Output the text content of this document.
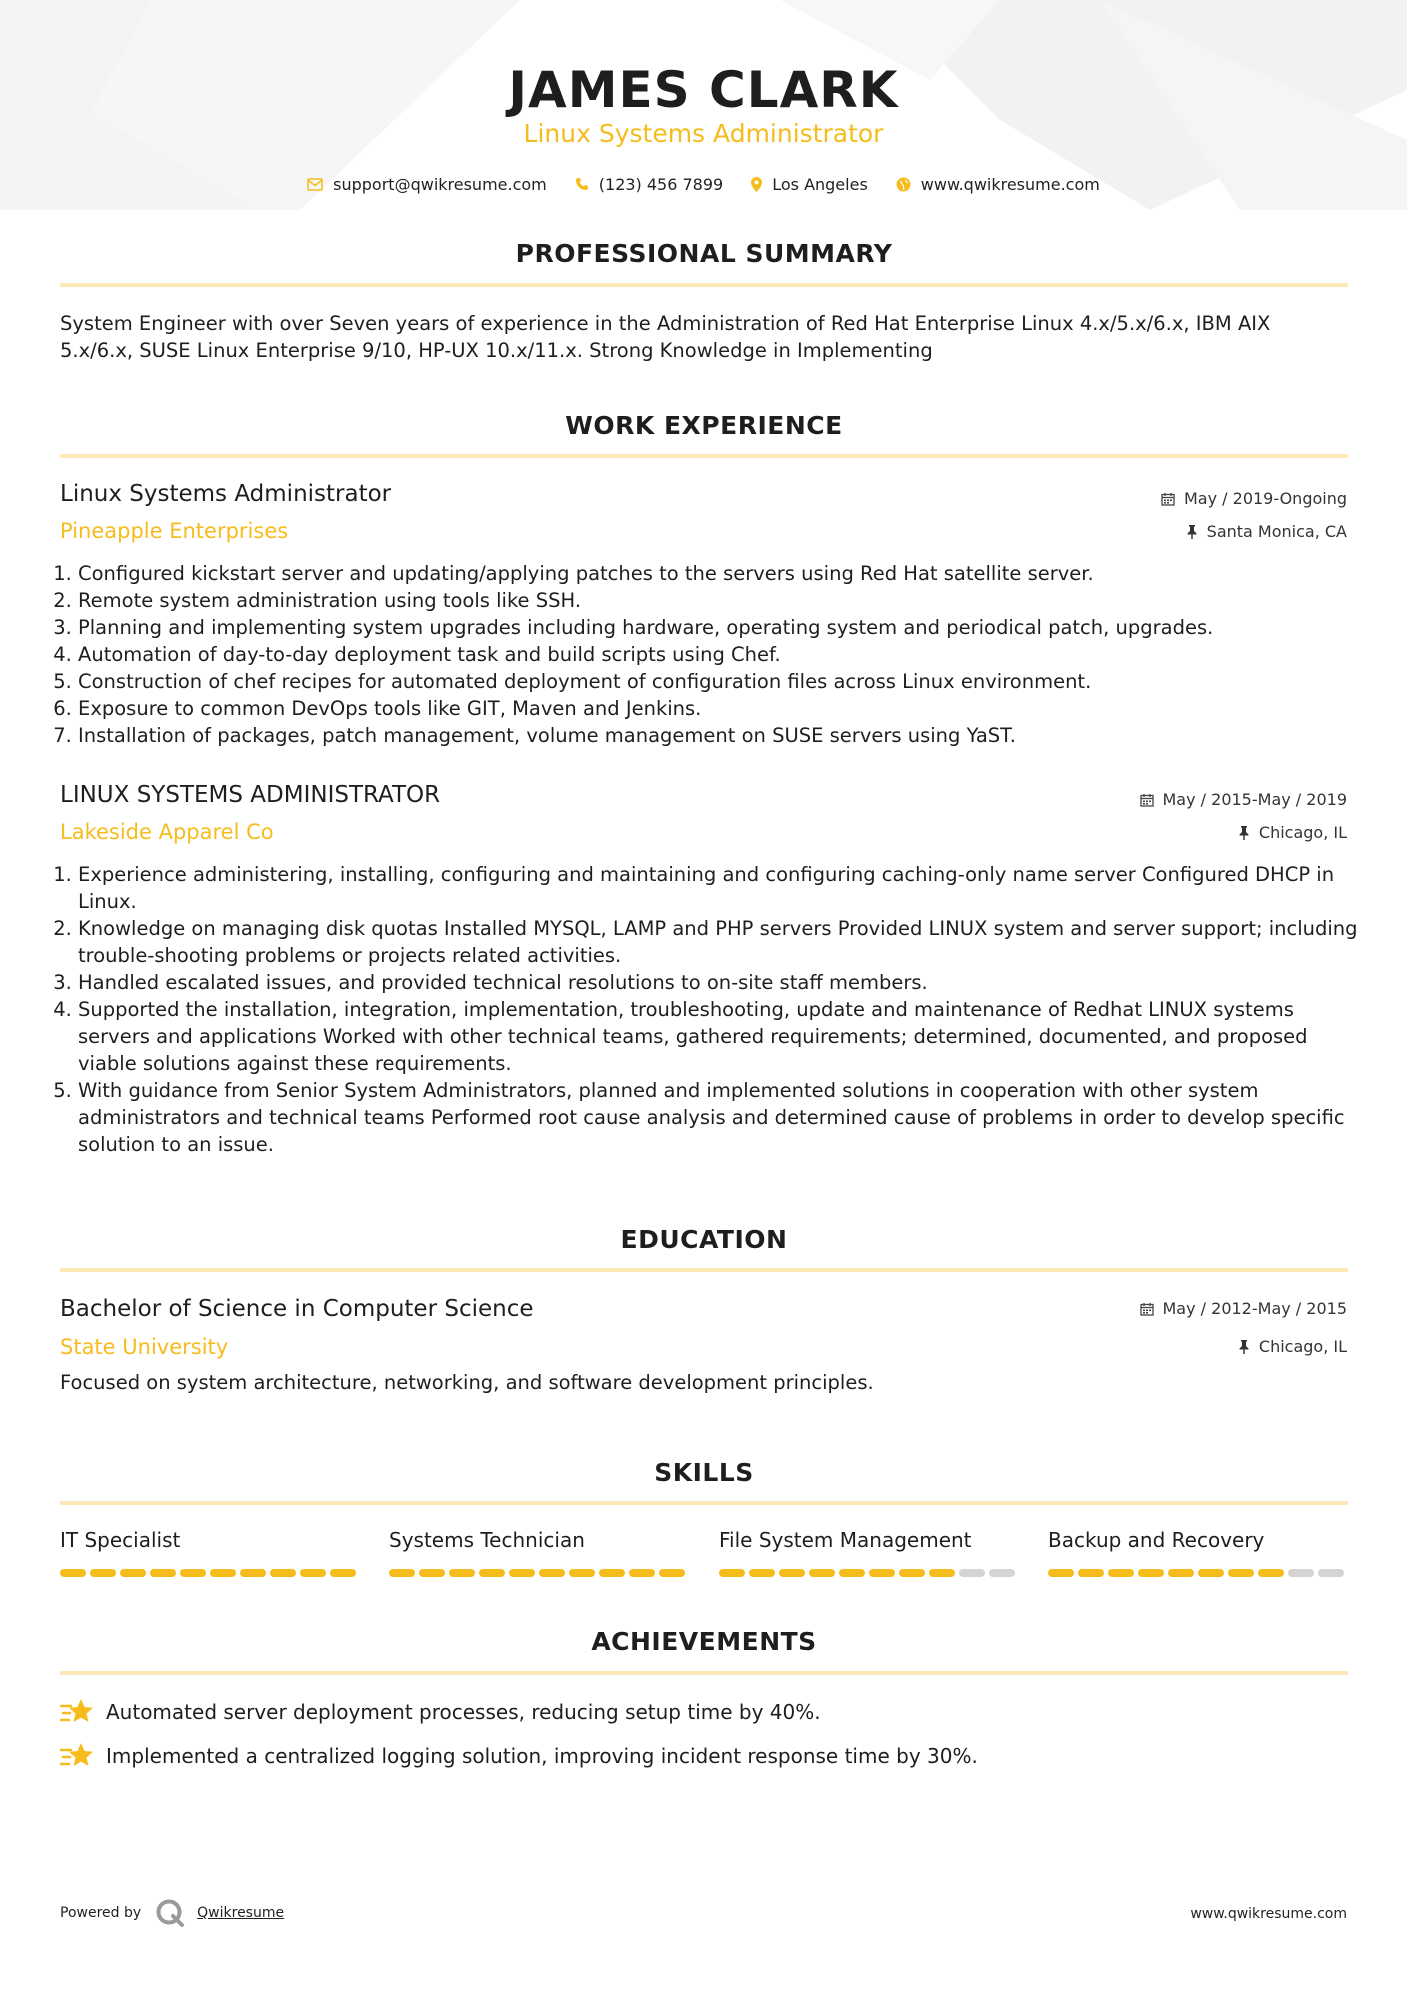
JAMES CLARK
Linux Systems Administrator
support@qwikresume.com	(123) 456 7899	Los Angeles	www.qwikresume.com
PROFESSIONAL SUMMARY
System Engineer with over Seven years of experience in the Administration of Red Hat Enterprise Linux 4.x/5.x/6.x, IBM AIX 5.x/6.x, SUSE Linux Enterprise 9/10, HP-UX 10.x/11.x. Strong Knowledge in Implementing
WORK EXPERIENCE
Linux Systems Administrator	May / 2019-Ongoing
Pineapple Enterprises	Santa Monica, CA
1. Configured kickstart server and updating/applying patches to the servers using Red Hat satellite server.
2. Remote system administration using tools like SSH.
3. Planning and implementing system upgrades including hardware, operating system and periodical patch, upgrades.
4. Automation of day-to-day deployment task and build scripts using Chef.
5. Construction of chef recipes for automated deployment of configuration files across Linux environment.
6. Exposure to common DevOps tools like GIT, Maven and Jenkins.
7. Installation of packages, patch management, volume management on SUSE servers using YaST.
LINUX SYSTEMS ADMINISTRATOR	May / 2015-May / 2019
Lakeside Apparel Co	Chicago, IL
1. Experience administering, installing, configuring and maintaining and configuring caching-only name server Configured DHCP in Linux.
2. Knowledge on managing disk quotas Installed MYSQL, LAMP and PHP servers Provided LINUX system and server support; including trouble-shooting problems or projects related activities.
3. Handled escalated issues, and provided technical resolutions to on-site staff members.
4. Supported the installation, integration, implementation, troubleshooting, update and maintenance of Redhat LINUX systems servers and applications Worked with other technical teams, gathered requirements; determined, documented, and proposed viable solutions against these requirements.
5. With guidance from Senior System Administrators, planned and implemented solutions in cooperation with other system administrators and technical teams Performed root cause analysis and determined cause of problems in order to develop specific solution to an issue.
EDUCATION
Bachelor of Science in Computer Science	May / 2012-May / 2015
State University	Chicago, IL
Focused on system architecture, networking, and software development principles.
SKILLS
IT Specialist	Systems Technician	File System Management	Backup and Recovery
ACHIEVEMENTS
Automated server deployment processes, reducing setup time by 40%.
Implemented a centralized logging solution, improving incident response time by 30%.
Powered by	Qwikresume	www.qwikresume.com
